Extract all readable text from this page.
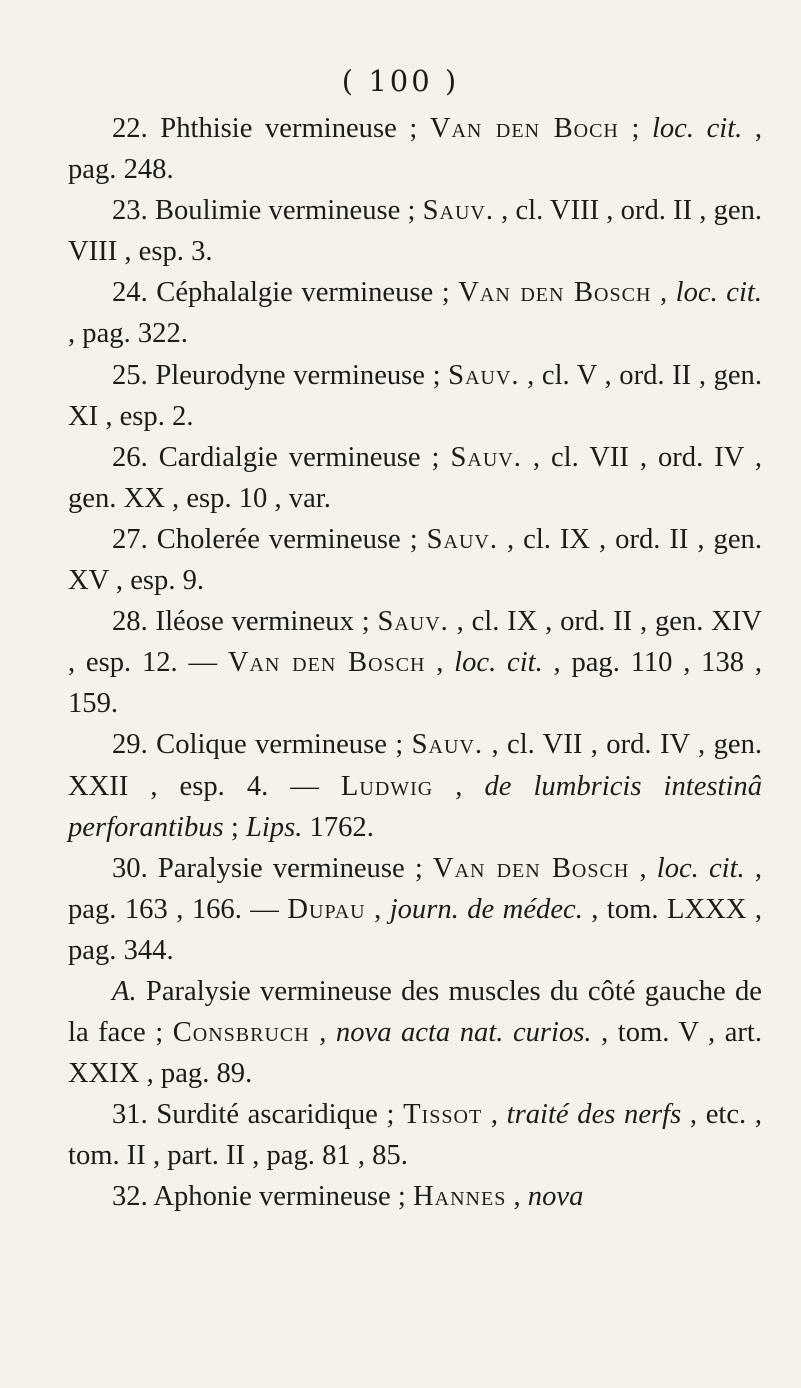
( 100 )

22. Phthisie vermineuse ; Van den Boch ; loc. cit. , pag. 248.

23. Boulimie vermineuse ; Sauv. , cl. VIII , ord. II , gen. VIII , esp. 3.

24. Céphalalgie vermineuse ; Van den Bosch , loc. cit. , pag. 322.

25. Pleurodyne vermineuse ; Sauv. , cl. V , ord. II , gen. XI , esp. 2.

26. Cardialgie vermineuse ; Sauv. , cl. VII , ord. IV , gen. XX , esp. 10 , var.

27. Cholerée vermineuse ; Sauv. , cl. IX , ord. II , gen. XV , esp. 9.

28. Iléose vermineux ; Sauv. , cl. IX , ord. II , gen. XIV , esp. 12. — Van den Bosch , loc. cit. , pag. 110 , 138 , 159.

29. Colique vermineuse ; Sauv. , cl. VII , ord. IV , gen. XXII , esp. 4. — Ludwig , de lumbricis intestinâ perforantibus ; Lips. 1762.

30. Paralysie vermineuse ; Van den Bosch , loc. cit. , pag. 163 , 166. — Dupau , journ. de médec. , tom. LXXX , pag. 344.

A. Paralysie vermineuse des muscles du côté gauche de la face ; Consbruch , nova acta nat. curios. , tom. V , art. XXIX , pag. 89.

31. Surdité ascaridique ; Tissot , traité des nerfs , etc. , tom. II , part. II , pag. 81 , 85.

32. Aphonie vermineuse ; Hannes , nova
